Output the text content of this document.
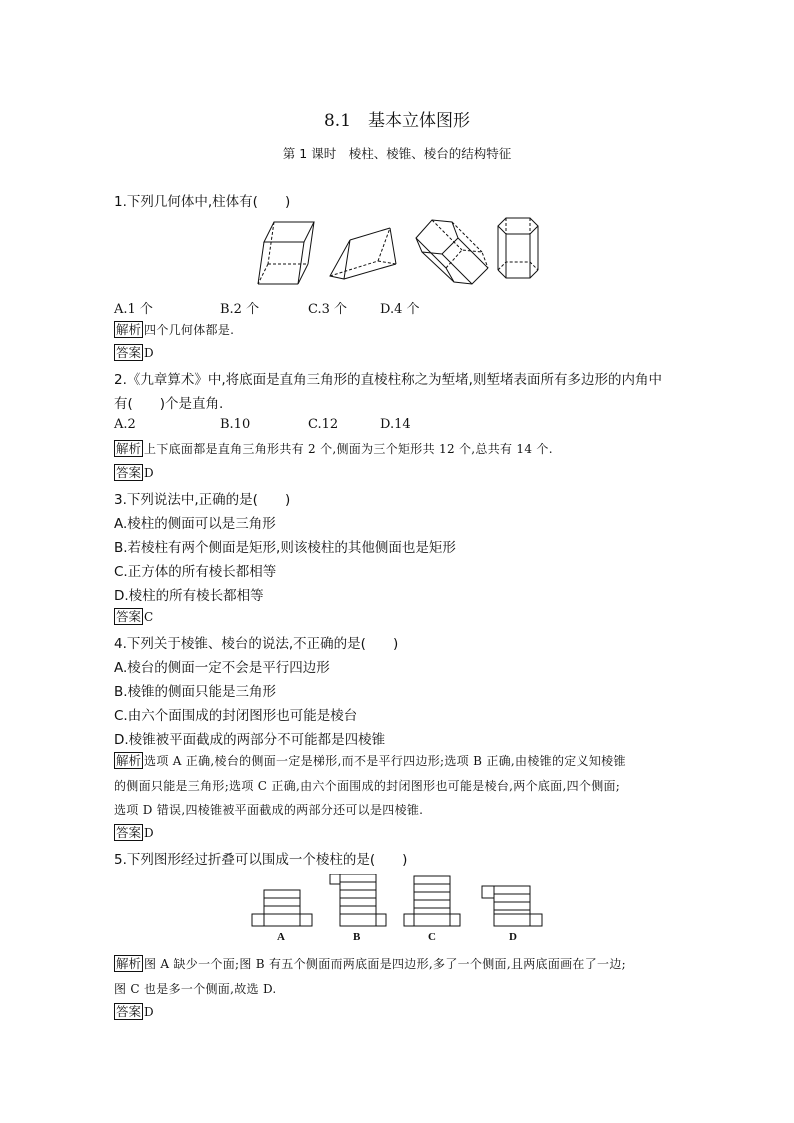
8.1　基本立体图形
第 1 课时　棱柱、棱锥、棱台的结构特征
1.下列几何体中,柱体有(　　)
A.1 个	B.2 个	C.3 个	D.4 个
解析 四个几何体都是.
答案 D
2.《九章算术》中,将底面是直角三角形的直棱柱称之为堑堵,则堑堵表面所有多边形的内角中
有(　　)个是直角.
A.2	B.10	C.12	D.14
解析 上下底面都是直角三角形共有 2 个,侧面为三个矩形共 12 个,总共有 14 个.
答案 D
3.下列说法中,正确的是(　　)
A.棱柱的侧面可以是三角形
B.若棱柱有两个侧面是矩形,则该棱柱的其他侧面也是矩形
C.正方体的所有棱长都相等
D.棱柱的所有棱长都相等
答案 C
4.下列关于棱锥、棱台的说法,不正确的是(　　)
A.棱台的侧面一定不会是平行四边形
B.棱锥的侧面只能是三角形
C.由六个面围成的封闭图形也可能是棱台
D.棱锥被平面截成的两部分不可能都是四棱锥
解析 选项 A 正确,棱台的侧面一定是梯形,而不是平行四边形;选项 B 正确,由棱锥的定义知棱锥
的侧面只能是三角形;选项 C 正确,由六个面围成的封闭图形也可能是棱台,两个底面,四个侧面;
选项 D 错误,四棱锥被平面截成的两部分还可以是四棱锥.
答案 D
5.下列图形经过折叠可以围成一个棱柱的是(　　)
A	B	C	D
解析 图 A 缺少一个面;图 B 有五个侧面而两底面是四边形,多了一个侧面,且两底面画在了一边;
图 C 也是多一个侧面,故选 D.
答案 D
